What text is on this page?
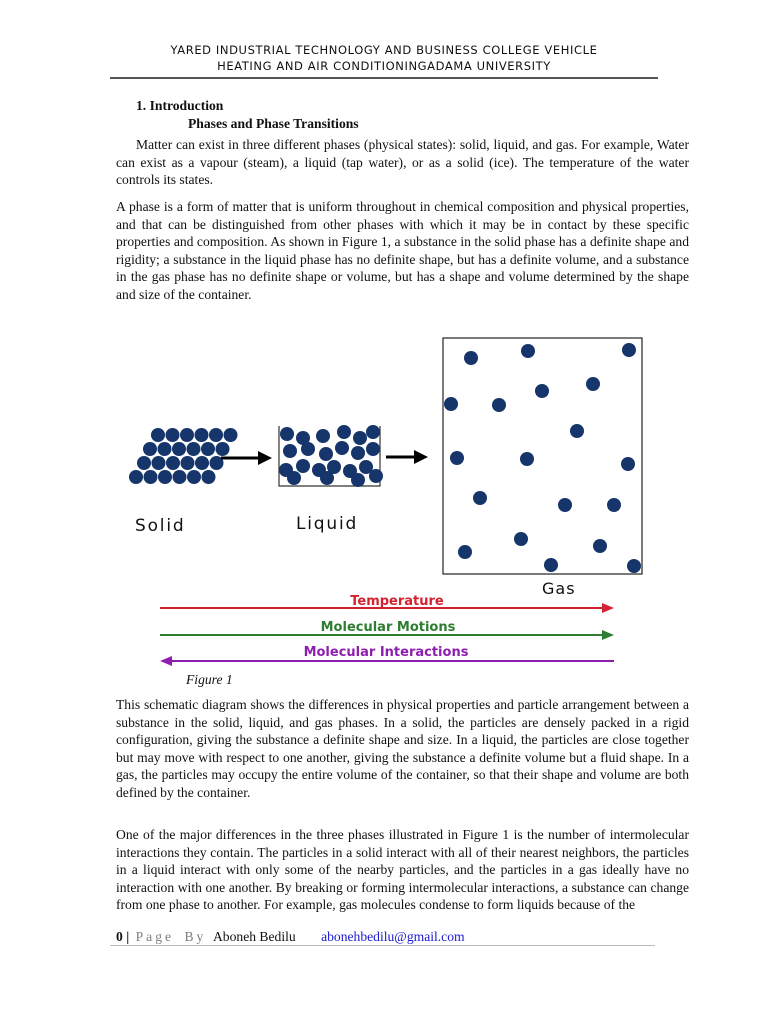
YARED INDUSTRIAL TECHNOLOGY AND BUSINESS COLLEGE VEHICLE
HEATING AND AIR CONDITIONINGADAMA UNIVERSITY
1. Introduction
Phases and Phase Transitions

Matter can exist in three different phases (physical states): solid, liquid, and gas. For example, Water can exist as a vapour (steam), a liquid (tap water), or as a solid (ice). The temperature of the water controls its states.

A phase is a form of matter that is uniform throughout in chemical composition and physical properties, and that can be distinguished from other phases with which it may be in contact by these specific properties and composition. As shown in Figure 1, a substance in the solid phase has a definite shape and rigidity; a substance in the liquid phase has no definite shape, but has a definite volume, and a substance in the gas phase has no definite shape or volume, but has a shape and volume determined by the shape and size of the container.

Solid	Liquid
Gas
Temperature
Molecular Motions
Molecular Interactions
Figure 1

This schematic diagram shows the differences in physical properties and particle arrangement between a substance in the solid, liquid, and gas phases. In a solid, the particles are densely packed in a rigid configuration, giving the substance a definite shape and size. In a liquid, the particles are close together but may move with respect to one another, giving the substance a definite volume but a fluid shape. In a gas, the particles may occupy the entire volume of the container, so that their shape and volume are both defined by the container.

One of the major differences in the three phases illustrated in Figure 1 is the number of intermolecular interactions they contain. The particles in a solid interact with all of their nearest neighbors, the particles in a liquid interact with only some of the nearby particles, and the particles in a gas ideally have no interaction with one another. By breaking or forming intermolecular interactions, a substance can change from one phase to another. For example, gas molecules condense to form liquids because of the

0 | Page By Aboneh Bedilu abonehbedilu@gmail.com
